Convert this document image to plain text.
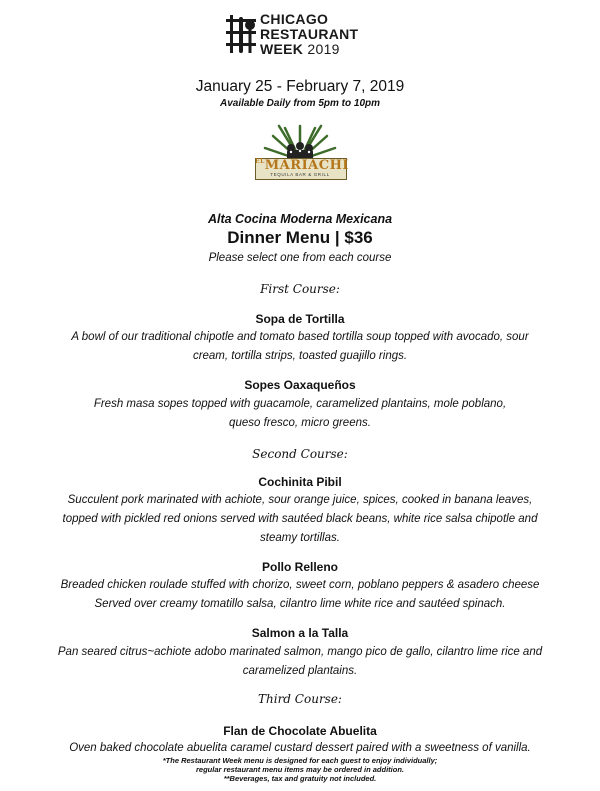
CHICAGO
RESTAURANT
WEEK 2019
January 25 - February 7, 2019
Available Daily from 5pm to 10pm
$^{EL}$MARIACHI
TEQUILA BAR & GRILL
Alta Cocina Moderna Mexicana
Dinner Menu | $36
Please select one from each course
First Course:
Sopa de Tortilla
A bowl of our traditional chipotle and tomato based tortilla soup topped with avocado, sour
cream, tortilla strips, toasted guajillo rings.
Sopes Oaxaqueños
Fresh masa sopes topped with guacamole, caramelized plantains, mole poblano,
queso fresco, micro greens.
Second Course:
Cochinita Pibil
Succulent pork marinated with achiote, sour orange juice, spices, cooked in banana leaves,
topped with pickled red onions served with sautéed black beans, white rice salsa chipotle and
steamy tortillas.
Pollo Relleno
Breaded chicken roulade stuffed with chorizo, sweet corn, poblano peppers & asadero cheese
Served over creamy tomatillo salsa, cilantro lime white rice and sautéed spinach.
Salmon a la Talla
Pan seared citrus~achiote adobo marinated salmon, mango pico de gallo, cilantro lime rice and
caramelized plantains.
Third Course:
Flan de Chocolate Abuelita
Oven baked chocolate abuelita caramel custard dessert paired with a sweetness of vanilla.
*The Restaurant Week menu is designed for each guest to enjoy individually;
regular restaurant menu items may be ordered in addition.
**Beverages, tax and gratuity not included.
